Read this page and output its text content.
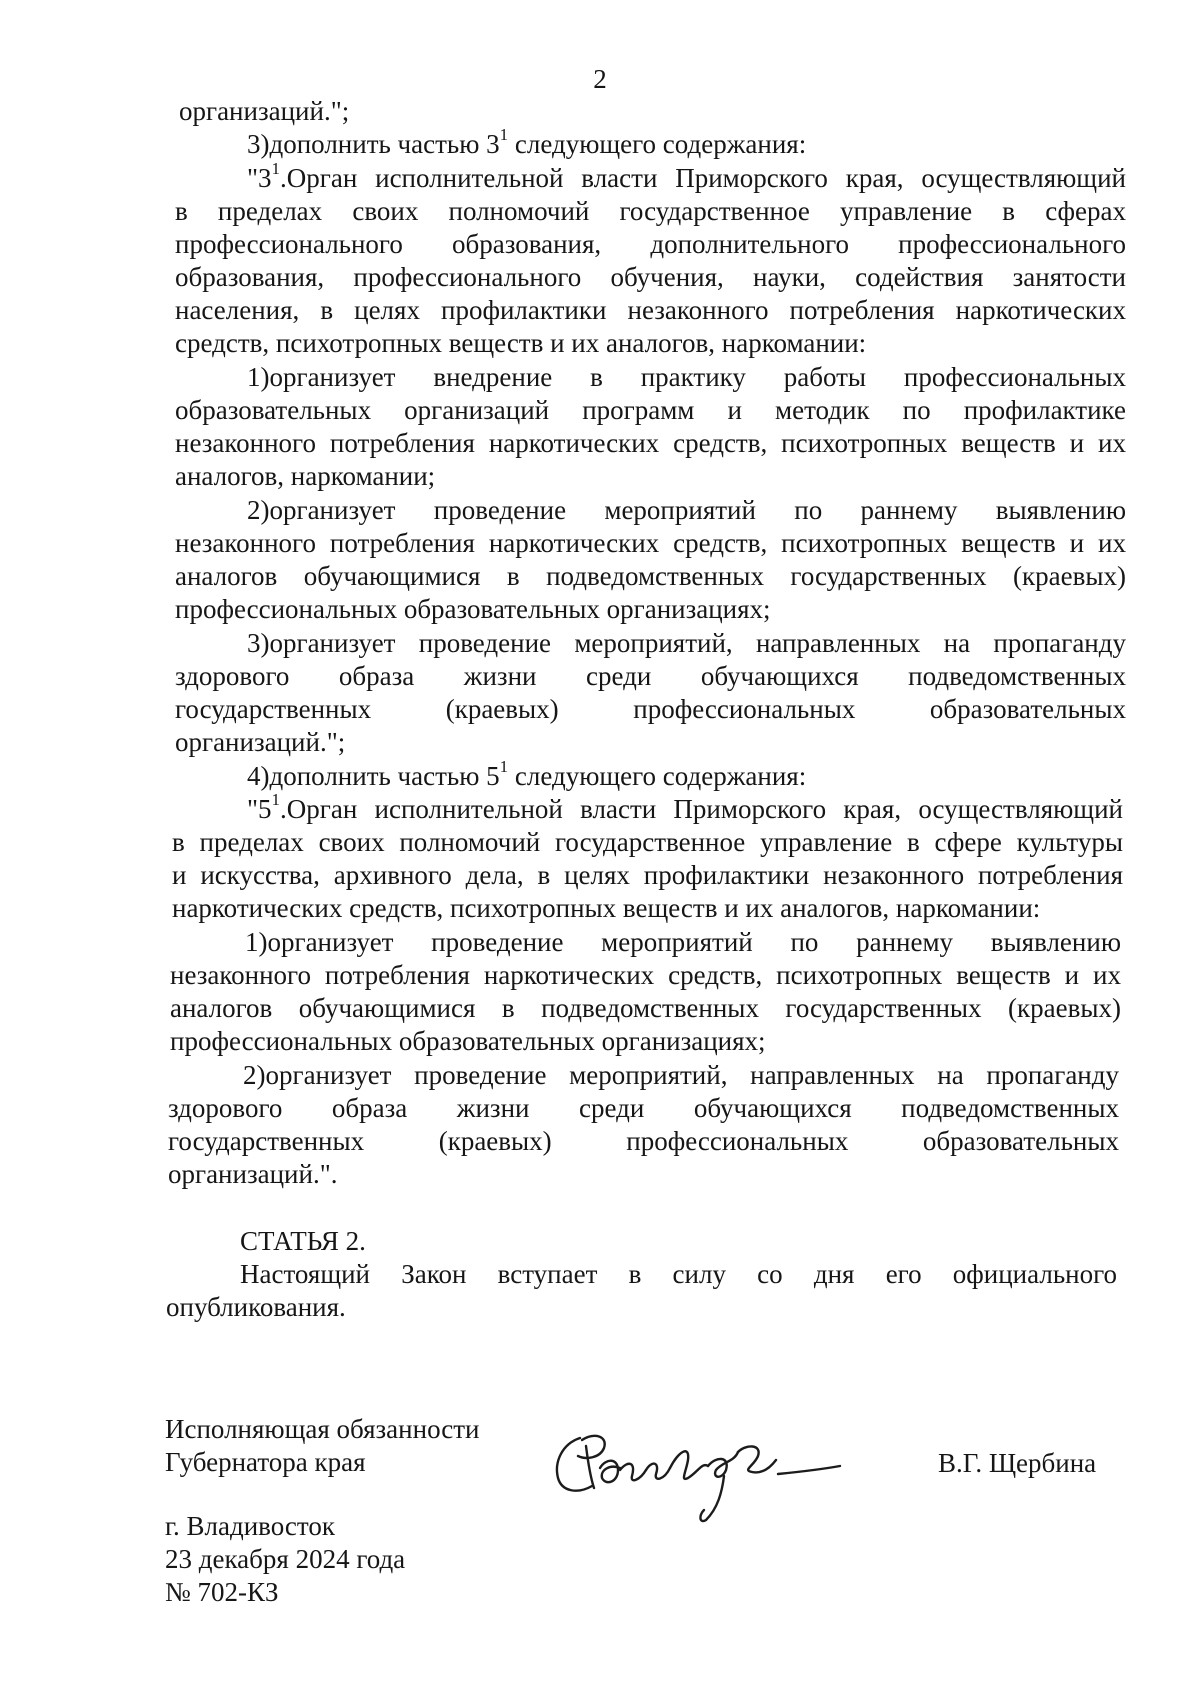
2
организаций.";
3)дополнить частью $3^1$ следующего содержания:
"$3^1.Орган$ исполнительной власти Приморского края, осуществляющий
в пределах своих полномочий государственное управление в сферах
профессионального образования, дополнительного профессионального
образования, профессионального обучения, науки, содействия занятости
населения, в целях профилактики незаконного потребления наркотических
средств, психотропных веществ и их аналогов, наркомании:
1)организует внедрение в практику работы профессиональных
образовательных организаций программ и методик по профилактике
незаконного потребления наркотических средств, психотропных веществ и их
аналогов, наркомании;
2)организует проведение мероприятий по раннему выявлению
незаконного потребления наркотических средств, психотропных веществ и их
аналогов обучающимися в подведомственных государственных (краевых)
профессиональных образовательных организациях;
3)организует проведение мероприятий, направленных на пропаганду
здорового образа жизни среди обучающихся подведомственных
государственных (краевых) профессиональных образовательных
организаций.";
4)дополнить частью $5^1$ следующего содержания:
"$5^1.Орган$ исполнительной власти Приморского края, осуществляющий
в пределах своих полномочий государственное управление в сфере культуры
и искусства, архивного дела, в целях профилактики незаконного потребления
наркотических средств, психотропных веществ и их аналогов, наркомании:
1)организует проведение мероприятий по раннему выявлению
незаконного потребления наркотических средств, психотропных веществ и их
аналогов обучающимися в подведомственных государственных (краевых)
профессиональных образовательных организациях;
2)организует проведение мероприятий, направленных на пропаганду
здорового образа жизни среди обучающихся подведомственных
государственных (краевых) профессиональных образовательных
организаций.".
СТАТЬЯ 2.
Настоящий Закон вступает в силу со дня его официального
опубликования.
Исполняющая обязанности
Губернатора края	В.Г. Щербина
г. Владивосток
23 декабря 2024 года
№ 702-КЗ
